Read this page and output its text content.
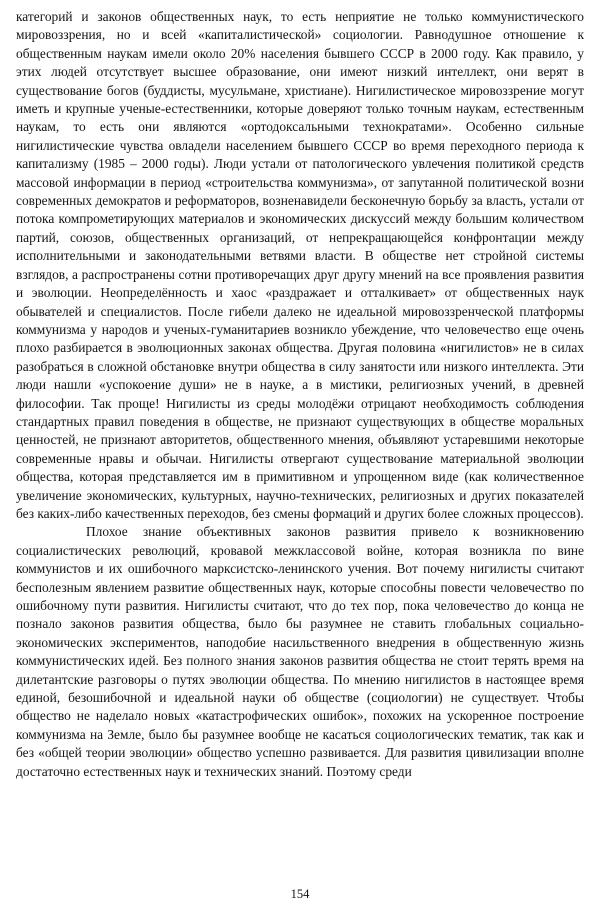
категорий и законов общественных наук, то есть неприятие не только коммунистического мировоззрения, но и всей «капиталистической» социологии. Равнодушное отношение к общественным наукам имели около 20% населения бывшего СССР в 2000 году. Как правило, у этих людей отсутствует высшее образование, они имеют низкий интеллект, они верят в существование богов (буддисты, мусульмане, христиане). Нигилистическое мировоззрение могут иметь и крупные ученые-естественники, которые доверяют только точным наукам, естественным наукам, то есть они являются «ортодоксальными технократами». Особенно сильные нигилистические чувства овладели населением бывшего СССР во время переходного периода к капитализму (1985 – 2000 годы). Люди устали от патологического увлечения политикой средств массовой информации в период «строительства коммунизма», от запутанной политической возни современных демократов и реформаторов, возненавидели бесконечную борьбу за власть, устали от потока компрометирующих материалов и экономических дискуссий между большим количеством партий, союзов, общественных организаций, от непрекращающейся конфронтации между исполнительными и законодательными ветвями власти. В обществе нет стройной системы взглядов, а распространены сотни противоречащих друг другу мнений на все проявления развития и эволюции. Неопределённость и хаос «раздражает и отталкивает» от общественных наук обывателей и специалистов. После гибели далеко не идеальной мировоззренческой платформы коммунизма у народов и ученых-гуманитариев возникло убеждение, что человечество еще очень плохо разбирается в эволюционных законах общества. Другая половина «нигилистов» не в силах разобраться в сложной обстановке внутри общества в силу занятости или низкого интеллекта. Эти люди нашли «успокоение души» не в науке, а в мистики, религиозных учений, в древней философии. Так проще! Нигилисты из среды молодёжи отрицают необходимость соблюдения стандартных правил поведения в обществе, не признают существующих в обществе моральных ценностей, не признают авторитетов, общественного мнения, объявляют устаревшими некоторые современные нравы и обычаи. Нигилисты отвергают существование материальной эволюции общества, которая представляется им в примитивном и упрощенном виде (как количественное увеличение экономических, культурных, научно-технических, религиозных и других показателей без каких-либо качественных переходов, без смены формаций и других более сложных процессов).

Плохое знание объективных законов развития привело к возникновению социалистических революций, кровавой межклассовой войне, которая возникла по вине коммунистов и их ошибочного марксистско-ленинского учения. Вот почему нигилисты считают бесполезным явлением развитие общественных наук, которые способны повести человечество по ошибочному пути развития. Нигилисты считают, что до тех пор, пока человечество до конца не познало законов развития общества, было бы разумнее не ставить глобальных социально-экономических экспериментов, наподобие насильственного внедрения в общественную жизнь коммунистических идей. Без полного знания законов развития общества не стоит терять время на дилетантские разговоры о путях эволюции общества. По мнению нигилистов в настоящее время единой, безошибочной и идеальной науки об обществе (социологии) не существует. Чтобы общество не наделало новых «катастрофических ошибок», похожих на ускоренное построение коммунизма на Земле, было бы разумнее вообще не касаться социологических тематик, так как и без «общей теории эволюции» общество успешно развивается. Для развития цивилизации вполне достаточно естественных наук и технических знаний. Поэтому среди

154
